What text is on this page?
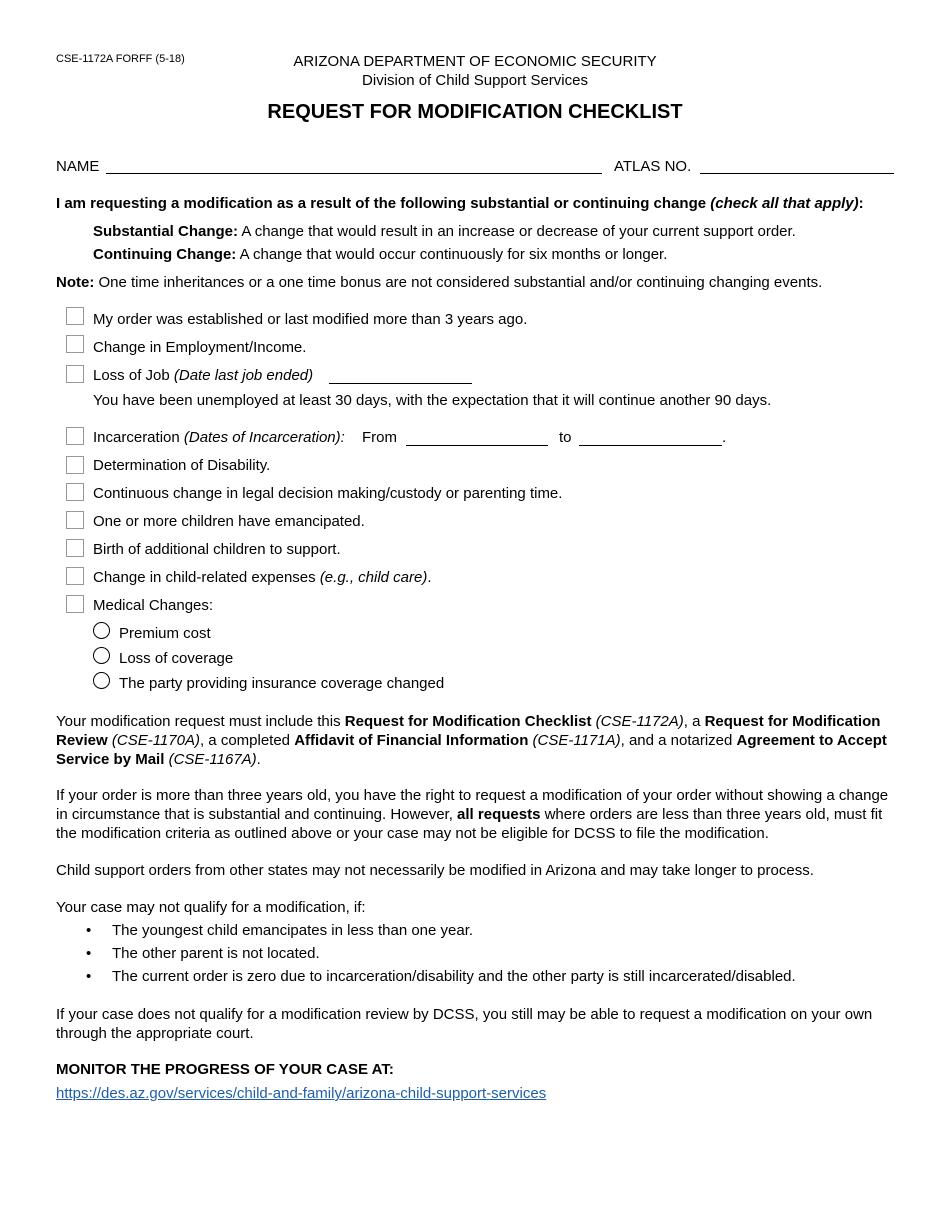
CSE-1172A FORFF (5-18)	ARIZONA DEPARTMENT OF ECONOMIC SECURITY
Division of Child Support Services
REQUEST FOR MODIFICATION CHECKLIST
NAME	ATLAS NO.
I am requesting a modification as a result of the following substantial or continuing change (check all that apply):
Substantial Change: A change that would result in an increase or decrease of your current support order.
Continuing Change: A change that would occur continuously for six months or longer.
Note: One time inheritances or a one time bonus are not considered substantial and/or continuing changing events.
My order was established or last modified more than 3 years ago.
Change in Employment/Income.
Loss of Job (Date last job ended)
You have been unemployed at least 30 days, with the expectation that it will continue another 90 days.
Incarceration (Dates of Incarceration): From	to	.
Determination of Disability.
Continuous change in legal decision making/custody or parenting time.
One or more children have emancipated.
Birth of additional children to support.
Change in child-related expenses (e.g., child care).
Medical Changes:
Premium cost
Loss of coverage
The party providing insurance coverage changed
Your modification request must include this Request for Modification Checklist (CSE-1172A), a Request for Modification Review (CSE-1170A), a completed Affidavit of Financial Information (CSE-1171A), and a notarized Agreement to Accept Service by Mail (CSE-1167A).
If your order is more than three years old, you have the right to request a modification of your order without showing a change in circumstance that is substantial and continuing. However, all requests where orders are less than three years old, must fit the modification criteria as outlined above or your case may not be eligible for DCSS to file the modification.
Child support orders from other states may not necessarily be modified in Arizona and may take longer to process.
Your case may not qualify for a modification, if:
• The youngest child emancipates in less than one year.
• The other parent is not located.
• The current order is zero due to incarceration/disability and the other party is still incarcerated/disabled.
If your case does not qualify for a modification review by DCSS, you still may be able to request a modification on your own through the appropriate court.
MONITOR THE PROGRESS OF YOUR CASE AT:
https://des.az.gov/services/child-and-family/arizona-child-support-services
